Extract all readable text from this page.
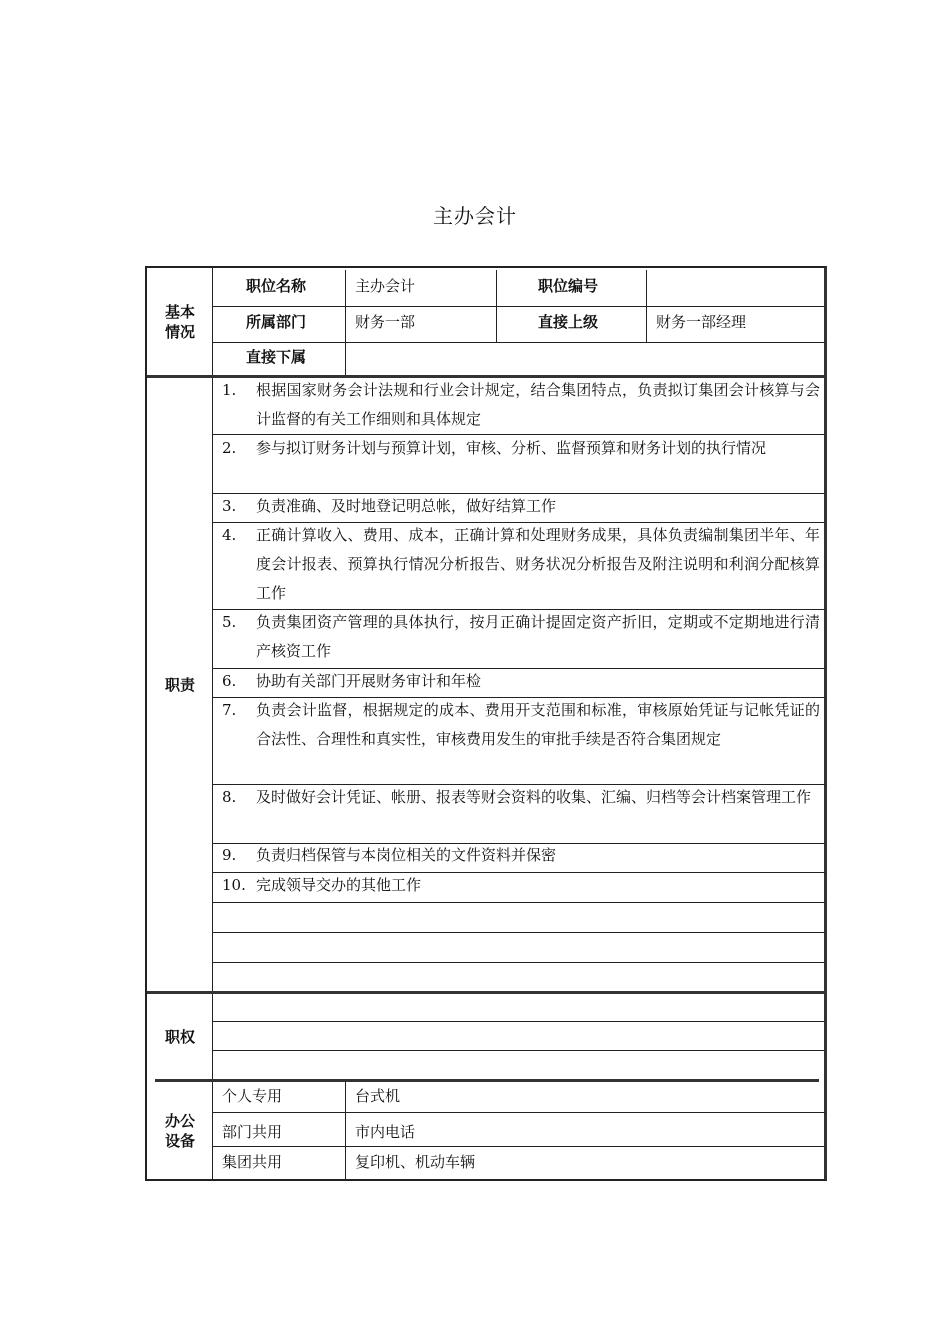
主办会计
基本
情况
职位名称	主办会计	职位编号
所属部门	财务一部	直接上级	财务一部经理
直接下属
职责
1.	根据国家财务会计法规和行业会计规定，结合集团特点，负责拟订集团会计核算与会计监督的有关工作细则和具体规定
2.	参与拟订财务计划与预算计划，审核、分析、监督预算和财务计划的执行情况
3.	负责准确、及时地登记明总帐，做好结算工作
4.	正确计算收入、费用、成本，正确计算和处理财务成果，具体负责编制集团半年、年度会计报表、预算执行情况分析报告、财务状况分析报告及附注说明和利润分配核算工作
5.	负责集团资产管理的具体执行，按月正确计提固定资产折旧，定期或不定期地进行清产核资工作
6.	协助有关部门开展财务审计和年检
7.	负责会计监督，根据规定的成本、费用开支范围和标准，审核原始凭证与记帐凭证的合法性、合理性和真实性，审核费用发生的审批手续是否符合集团规定
8.	及时做好会计凭证、帐册、报表等财会资料的收集、汇编、归档等会计档案管理工作
9.	负责归档保管与本岗位相关的文件资料并保密
10. 完成领导交办的其他工作
职权
办公
设备
个人专用	台式机
部门共用	市内电话
集团共用	复印机、机动车辆
